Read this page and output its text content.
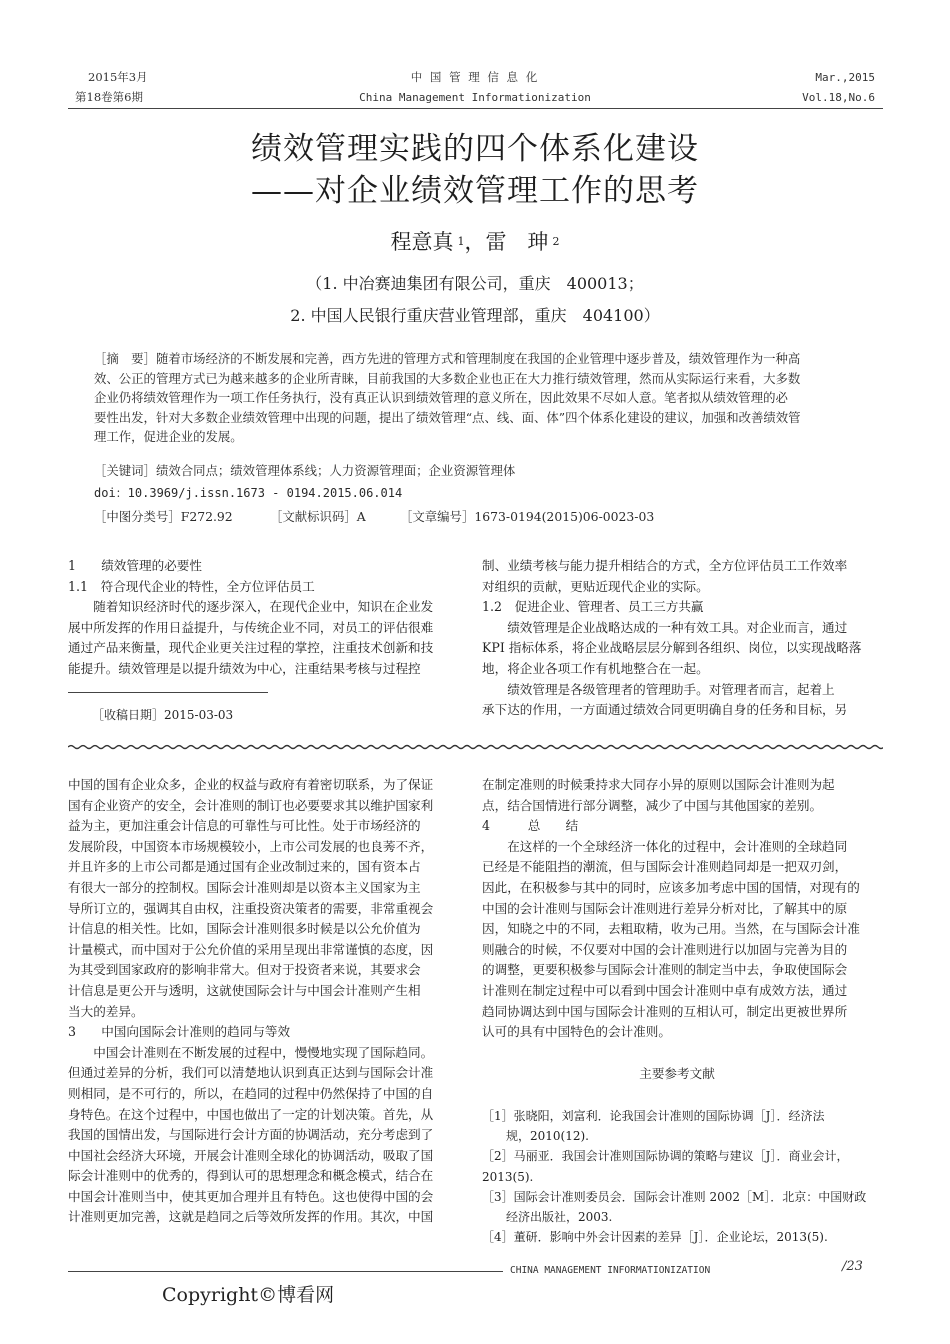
2015年3月
第18卷第6期
中 国 管 理 信 息 化
China Management Informationization
Mar.,2015
Vol.18,No.6
绩效管理实践的四个体系化建设
——对企业绩效管理工作的思考
程意真 $^1$，雷　珅 $^2$
（1. 中冶赛迪集团有限公司，重庆　400013；
2. 中国人民银行重庆营业管理部，重庆　404100）
［摘　要］随着市场经济的不断发展和完善，西方先进的管理方式和管理制度在我国的企业管理中逐步普及，绩效管理作为一种高
效、公正的管理方式已为越来越多的企业所青睐，目前我国的大多数企业也正在大力推行绩效管理，然而从实际运行来看，大多数
企业仍将绩效管理作为一项工作任务执行，没有真正认识到绩效管理的意义所在，因此效果不尽如人意。笔者拟从绩效管理的必
要性出发，针对大多数企业绩效管理中出现的问题，提出了绩效管理“点、线、面、体”四个体系化建设的建议，加强和改善绩效管
理工作，促进企业的发展。
［关键词］绩效合同点；绩效管理体系线；人力资源管理面；企业资源管理体
doi：10.3969/j.issn.1673 - 0194.2015.06.014
［中图分类号］F272.92	［文献标识码］A	［文章编号］1673-0194(2015)06-0023-03

1　　绩效管理的必要性

1.1　符合现代企业的特性，全方位评估员工

随着知识经济时代的逐步深入，在现代企业中，知识在企业发

展中所发挥的作用日益提升，与传统企业不同，对员工的评估很难

通过产品来衡量，现代企业更关注过程的掌控，注重技术创新和技

能提升。绩效管理是以提升绩效为中心，注重结果考核与过程控

［收稿日期］2015-03-03

制、业绩考核与能力提升相结合的方式，全方位评估员工工作效率

对组织的贡献，更贴近现代企业的实际。

1.2　促进企业、管理者、员工三方共赢

绩效管理是企业战略达成的一种有效工具。对企业而言，通过

KPI 指标体系，将企业战略层层分解到各组织、岗位，以实现战略落

地，将企业各项工作有机地整合在一起。

绩效管理是各级管理者的管理助手。对管理者而言，起着上

承下达的作用，一方面通过绩效合同更明确自身的任务和目标，另

中国的国有企业众多，企业的权益与政府有着密切联系，为了保证

国有企业资产的安全，会计准则的制订也必要要求其以维护国家利

益为主，更加注重会计信息的可靠性与可比性。处于市场经济的

发展阶段，中国资本市场规模较小，上市公司发展的也良莠不齐，

并且许多的上市公司都是通过国有企业改制过来的，国有资本占

有很大一部分的控制权。国际会计准则却是以资本主义国家为主

导所订立的，强调其自由权，注重投资决策者的需要，非常重视会

计信息的相关性。比如，国际会计准则很多时候是以公允价值为

计量模式，而中国对于公允价值的采用呈现出非常谨慎的态度，因

为其受到国家政府的影响非常大。但对于投资者来说，其要求会

计信息是更公开与透明，这就使国际会计与中国会计准则产生相

当大的差异。

3　　中国向国际会计准则的趋同与等效

中国会计准则在不断发展的过程中，慢慢地实现了国际趋同。

但通过差异的分析，我们可以清楚地认识到真正达到与国际会计准

则相同，是不可行的，所以，在趋同的过程中仍然保持了中国的自

身特色。在这个过程中，中国也做出了一定的计划决策。首先，从

我国的国情出发，与国际进行会计方面的协调活动，充分考虑到了

中国社会经济大环境，开展会计准则全球化的协调活动，吸取了国

际会计准则中的优秀的，得到认可的思想理念和概念模式，结合在

中国会计准则当中，使其更加合理并且有特色。这也使得中国的会

计准则更加完善，这就是趋同之后等效所发挥的作用。其次，中国

在制定准则的时候秉持求大同存小异的原则以国际会计准则为起

点，结合国情进行部分调整，减少了中国与其他国家的差别。

4　　　总　　结

在这样的一个全球经济一体化的过程中，会计准则的全球趋同

已经是不能阻挡的潮流，但与国际会计准则趋同却是一把双刃剑，

因此，在积极参与其中的同时，应该多加考虑中国的国情，对现有的

中国的会计准则与国际会计准则进行差异分析对比，了解其中的原

因，知晓之中的不同，去粗取精，收为己用。当然，在与国际会计准

则融合的时候，不仅要对中国的会计准则进行以加固与完善为目的

的调整，更要积极参与国际会计准则的制定当中去，争取使国际会

计准则在制定过程中可以看到中国会计准则中卓有成效方法，通过

趋同协调达到中国与国际会计准则的互相认可，制定出更被世界所

认可的具有中国特色的会计准则。

主要参考文献

［1］张晓阳，刘富利．论我国会计准则的国际协调［J］．经济法

规，2010(12).

［2］马丽亚．我国会计准则国际协调的策略与建议［J］．商业会计，2013(5).

［3］国际会计准则委员会．国际会计准则 2002［M］．北京：中国财政

经济出版社，2003.

［4］董研．影响中外会计因素的差异［J］．企业论坛，2013(5).

CHINA MANAGEMENT INFORMATIONIZATION	/23
Copyright©博看网
